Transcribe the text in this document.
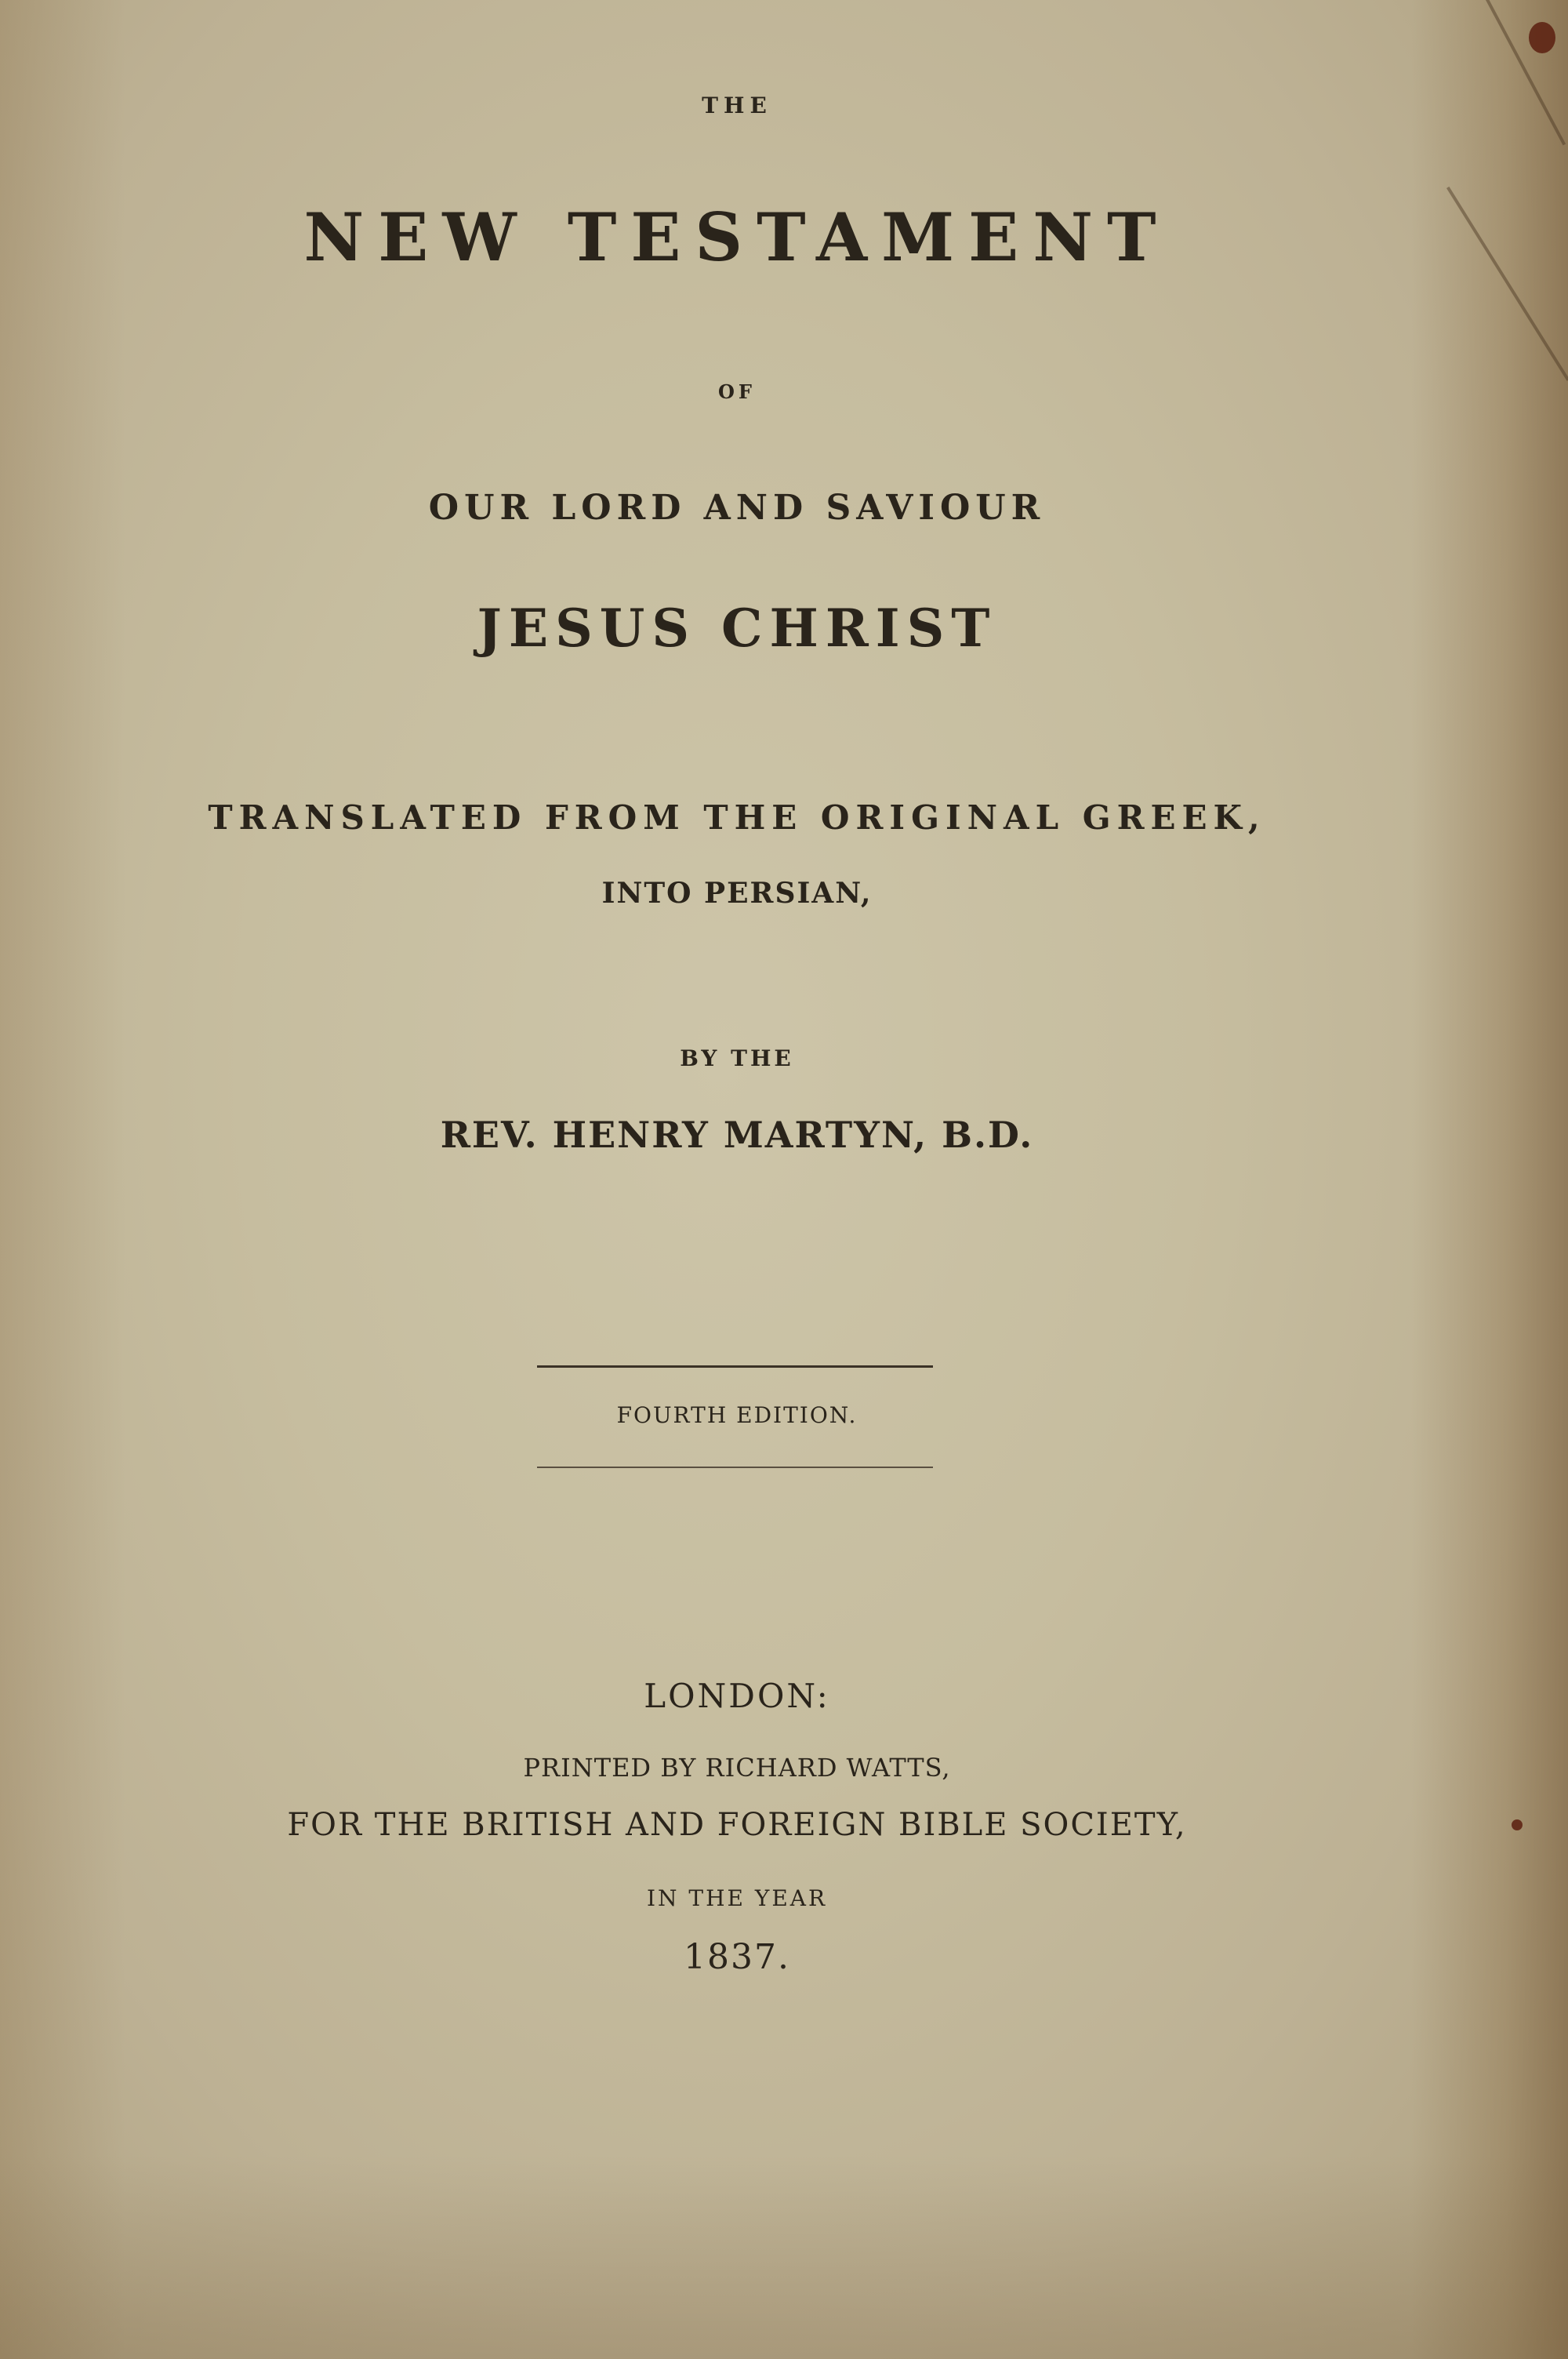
THE
NEW TESTAMENT
OF
OUR LORD AND SAVIOUR
JESUS CHRIST
TRANSLATED FROM THE ORIGINAL GREEK,
INTO PERSIAN,
BY THE
REV. HENRY MARTYN, B.D.
FOURTH EDITION.
LONDON:
PRINTED BY RICHARD WATTS,
FOR THE BRITISH AND FOREIGN BIBLE SOCIETY,
IN THE YEAR
1837.
